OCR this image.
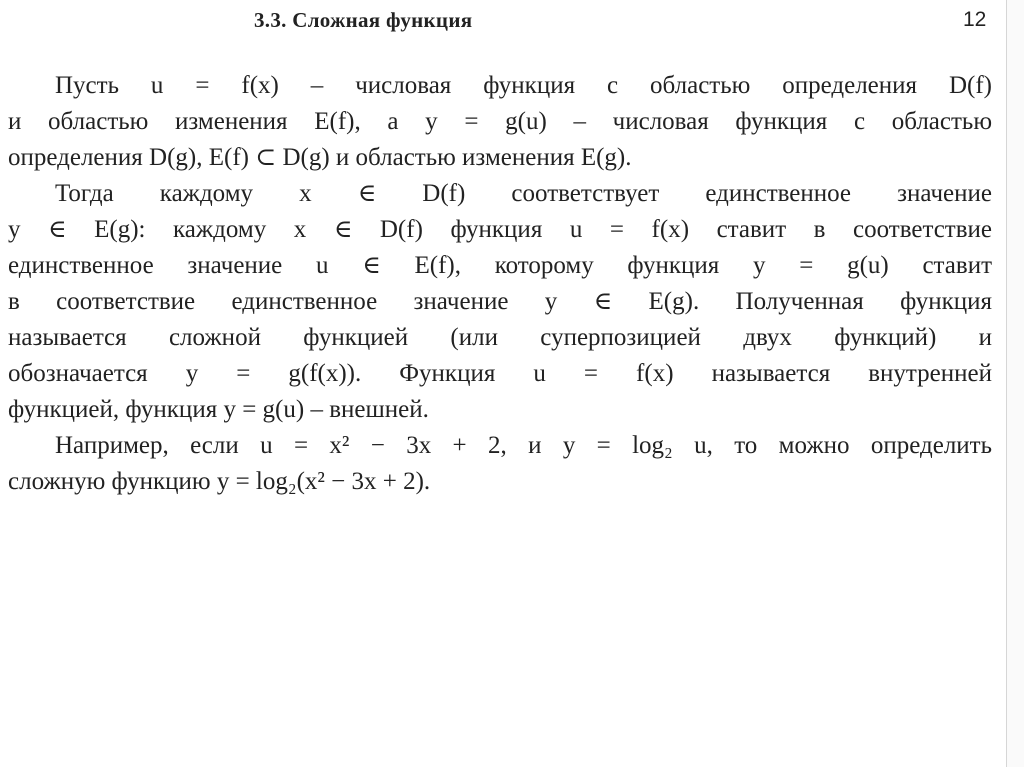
3.3. Сложная функция	12
Пусть u = f(x) – числовая функция с областью определения D(f)
и областью изменения E(f), а y = g(u) – числовая функция с областью
определения D(g), E(f) ⊂ D(g) и областью изменения E(g).
Тогда каждому x ∈ D(f) соответствует единственное значение
y ∈ E(g): каждому x ∈ D(f) функция u = f(x) ставит в соответствие
единственное значение u ∈ E(f), которому функция y = g(u) ставит
в соответствие единственное значение y ∈ E(g). Полученная функция
называется сложной функцией (или суперпозицией двух функций) и
обозначается y = g(f(x)). Функция u = f(x) называется внутренней
функцией, функция y = g(u) – внешней.
Например, если u = x² − 3x + 2, и y = log₂ u, то можно определить
сложную функцию y = log₂(x² − 3x + 2).
